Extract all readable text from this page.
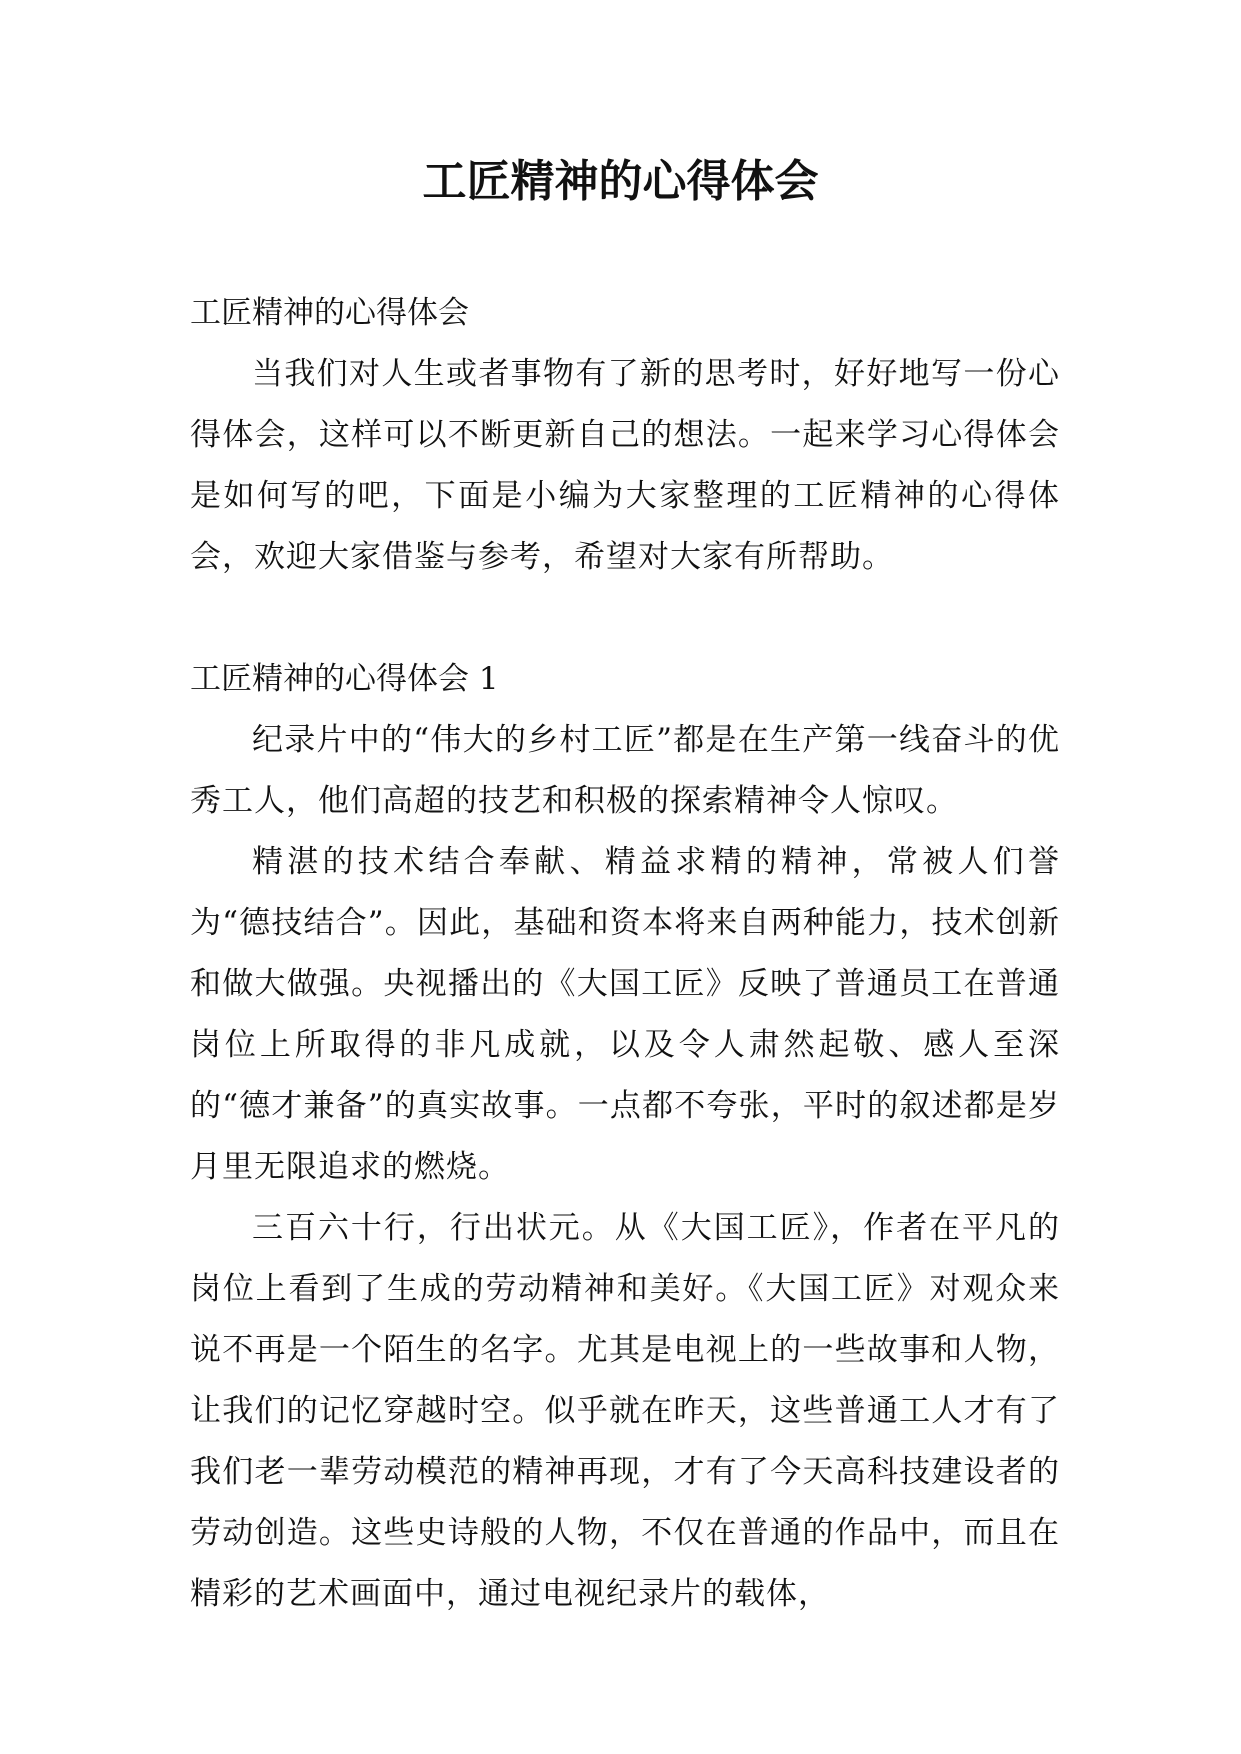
工匠精神的心得体会

工匠精神的心得体会

当我们对人生或者事物有了新的思考时，好好地写一份心得体会，这样可以不断更新自己的想法。一起来学习心得体会是如何写的吧，下面是小编为大家整理的工匠精神的心得体会，欢迎大家借鉴与参考，希望对大家有所帮助。

工匠精神的心得体会 1

纪录片中的“伟大的乡村工匠”都是在生产第一线奋斗的优秀工人，他们高超的技艺和积极的探索精神令人惊叹。

精湛的技术结合奉献、精益求精的精神，常被人们誉为“德技结合”。因此，基础和资本将来自两种能力，技术创新和做大做强。央视播出的《大国工匠》反映了普通员工在普通岗位上所取得的非凡成就，以及令人肃然起敬、感人至深的“德才兼备”的真实故事。一点都不夸张，平时的叙述都是岁月里无限追求的燃烧。

三百六十行，行出状元。从《大国工匠》，作者在平凡的岗位上看到了生成的劳动精神和美好。《大国工匠》对观众来说不再是一个陌生的名字。尤其是电视上的一些故事和人物，让我们的记忆穿越时空。似乎就在昨天，这些普通工人才有了我们老一辈劳动模范的精神再现，才有了今天高科技建设者的劳动创造。这些史诗般的人物，不仅在普通的作品中，而且在精彩的艺术画面中，通过电视纪录片的载体，
